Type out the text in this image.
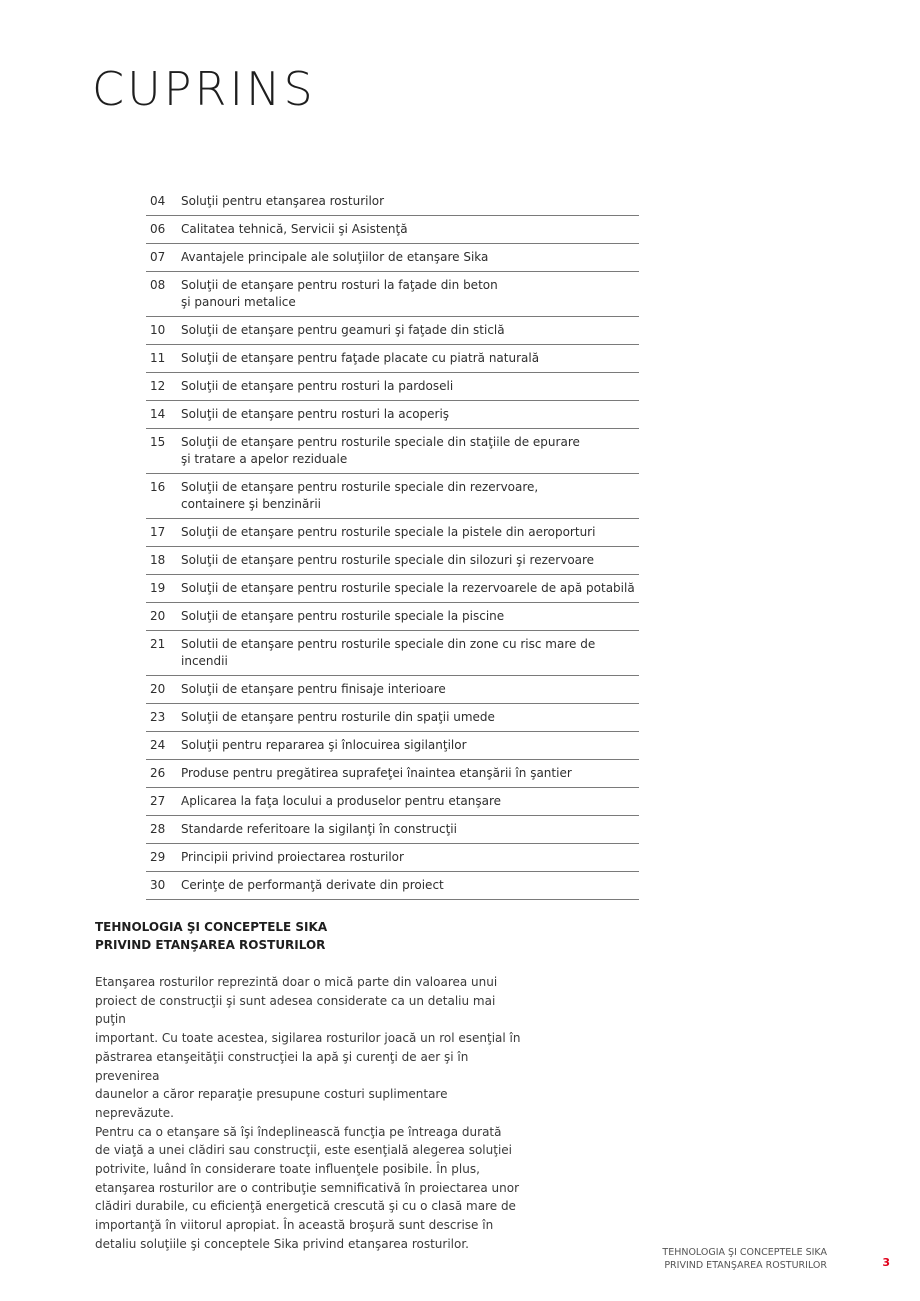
CUPRINS
04	Soluţii pentru etanşarea rosturilor
06	Calitatea tehnică, Servicii şi Asistenţă
07	Avantajele principale ale soluţiilor de etanşare Sika
08	Soluţii de etanşare pentru rosturi la faţade din beton
şi panouri metalice
10	Soluţii de etanşare pentru geamuri şi faţade din sticlă
11	Soluţii de etanşare pentru faţade placate cu piatră naturală
12	Soluţii de etanşare pentru rosturi la pardoseli
14	Soluţii de etanşare pentru rosturi la acoperiş
15	Soluţii de etanşare pentru rosturile speciale din staţiile de epurare
şi tratare a apelor reziduale
16	Soluţii de etanşare pentru rosturile speciale din rezervoare,
containere şi benzinării
17	Soluţii de etanşare pentru rosturile speciale la pistele din aeroporturi
18	Soluţii de etanşare pentru rosturile speciale din silozuri şi rezervoare
19	Soluţii de etanşare pentru rosturile speciale la rezervoarele de apă potabilă
20	Soluţii de etanşare pentru rosturile speciale la piscine
21	Solutii de etanşare pentru rosturile speciale din zone cu risc mare de incendii
20	Soluţii de etanşare pentru finisaje interioare
23	Soluţii de etanşare pentru rosturile din spaţii umede
24	Soluţii pentru repararea şi înlocuirea sigilanţilor
26	Produse pentru pregătirea suprafeţei înaintea etanşării în şantier
27	Aplicarea la faţa locului a produselor pentru etanşare
28	Standarde referitoare la sigilanţi în construcţii
29	Principii privind proiectarea rosturilor
30	Cerinţe de performanţă derivate din proiect
TEHNOLOGIA ŞI CONCEPTELE SIKA
PRIVIND ETANŞAREA ROSTURILOR

Etanşarea rosturilor reprezintă doar o mică parte din valoarea unui
proiect de construcţii şi sunt adesea considerate ca un detaliu mai puţin
important. Cu toate acestea, sigilarea rosturilor joacă un rol esenţial în
păstrarea etanşeităţii construcţiei la apă şi curenţi de aer şi în prevenirea
daunelor a căror reparaţie presupune costuri suplimentare neprevăzute.
Pentru ca o etanşare să îşi îndeplinească funcţia pe întreaga durată
de viaţă a unei clădiri sau construcţii, este esenţială alegerea soluţiei
potrivite, luând în considerare toate influenţele posibile. În plus,
etanşarea rosturilor are o contribuţie semnificativă în proiectarea unor
clădiri durabile, cu eficienţă energetică crescută şi cu o clasă mare de
importanţă în viitorul apropiat. În această broşură sunt descrise în
detaliu soluţiile şi conceptele Sika privind etanşarea rosturilor.

TEHNOLOGIA ŞI CONCEPTELE SIKA
PRIVIND ETANŞAREA ROSTURILOR	3
